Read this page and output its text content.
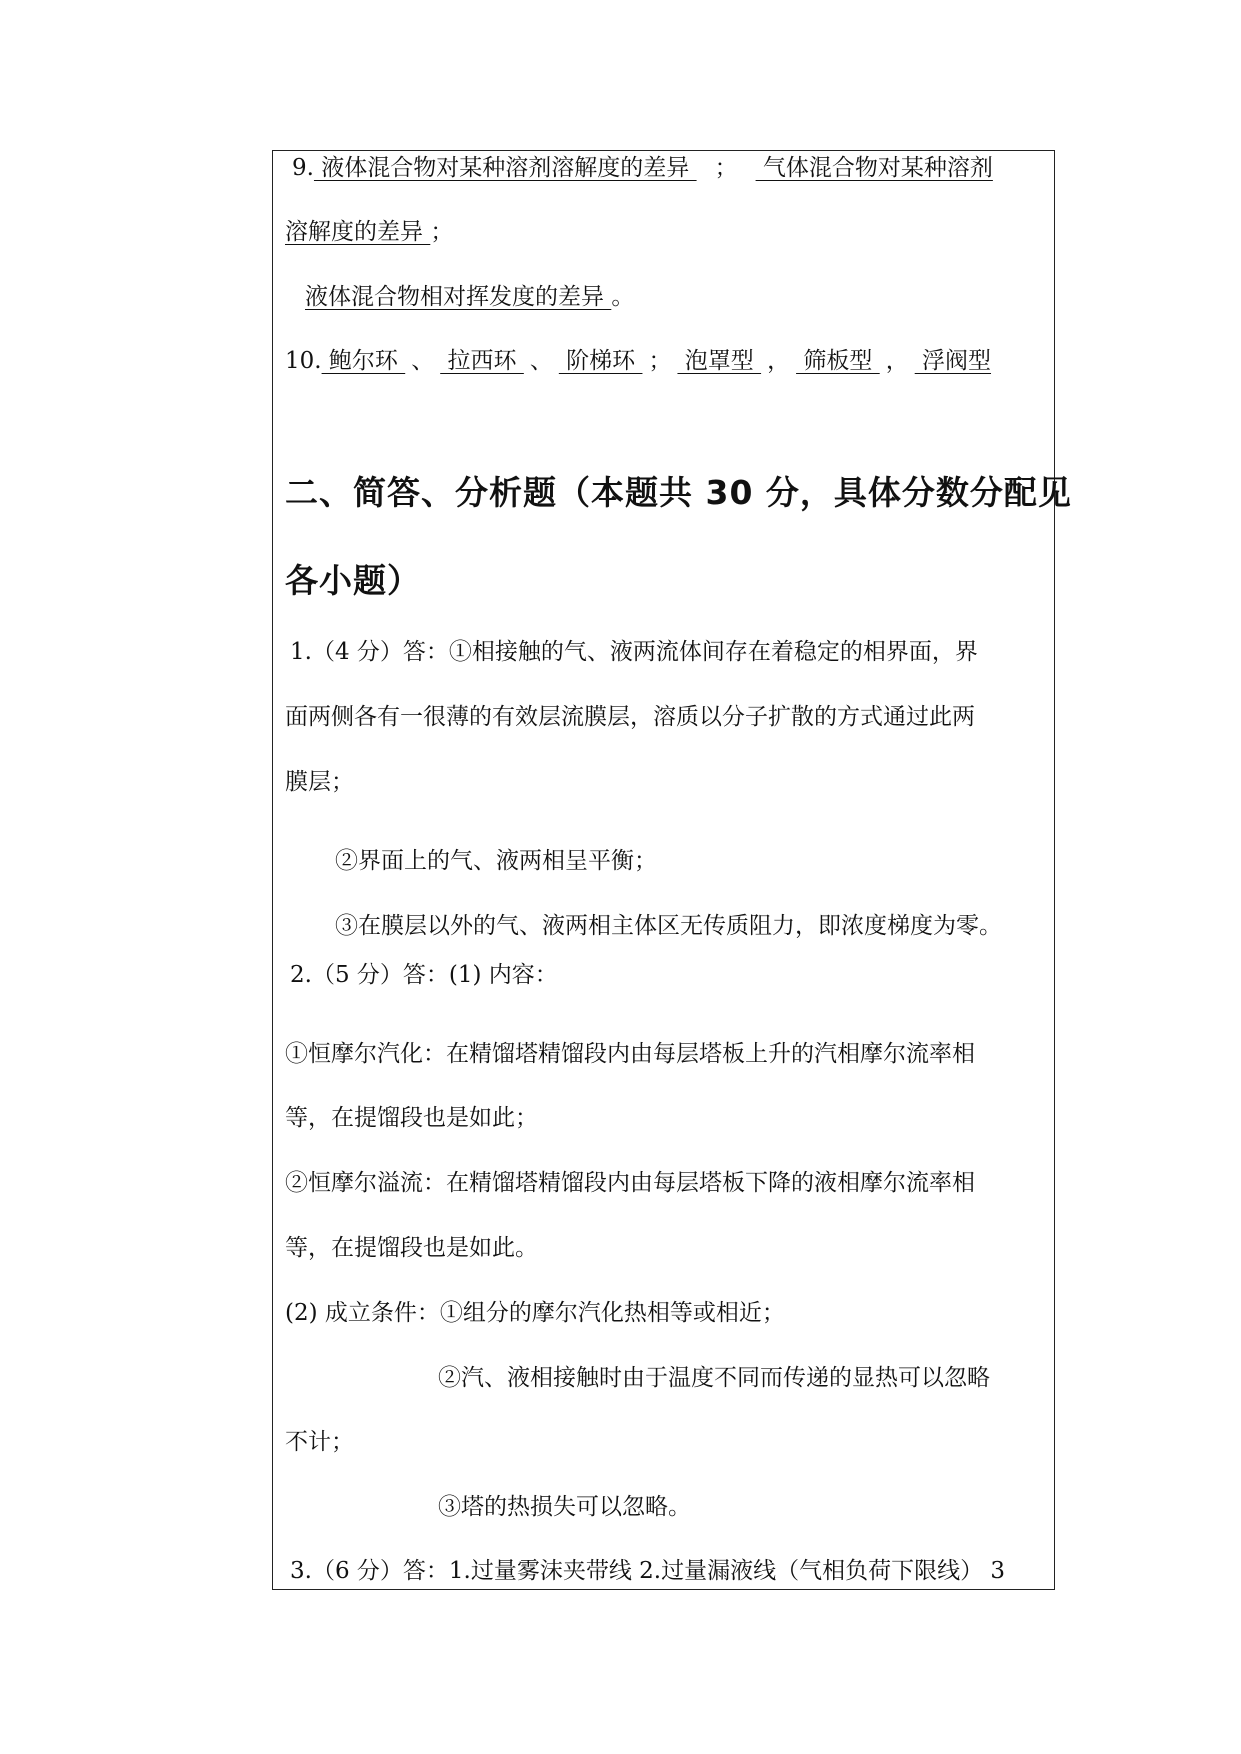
9. 液体混合物对某种溶剂溶解度的差异 ； 气体混合物对某种溶剂
溶解度的差异 ；
液体混合物相对挥发度的差异 。
10. 鲍尔环 、 拉西环 、 阶梯环 ； 泡罩型 ， 筛板型 ， 浮阀型
二、简答、分析题（本题共 30 分，具体分数分配见
各小题）
1.（4 分）答：①相接触的气、液两流体间存在着稳定的相界面，界
面两侧各有一很薄的有效层流膜层，溶质以分子扩散的方式通过此两
膜层；
②界面上的气、液两相呈平衡；
③在膜层以外的气、液两相主体区无传质阻力，即浓度梯度为零。
2.（5 分）答：(1) 内容：
①恒摩尔汽化：在精馏塔精馏段内由每层塔板上升的汽相摩尔流率相
等，在提馏段也是如此；
②恒摩尔溢流：在精馏塔精馏段内由每层塔板下降的液相摩尔流率相
等，在提馏段也是如此。
(2) 成立条件：①组分的摩尔汽化热相等或相近；
②汽、液相接触时由于温度不同而传递的显热可以忽略
不计；
③塔的热损失可以忽略。
3.（6 分）答：1.过量雾沫夹带线 2.过量漏液线（气相负荷下限线） 3
